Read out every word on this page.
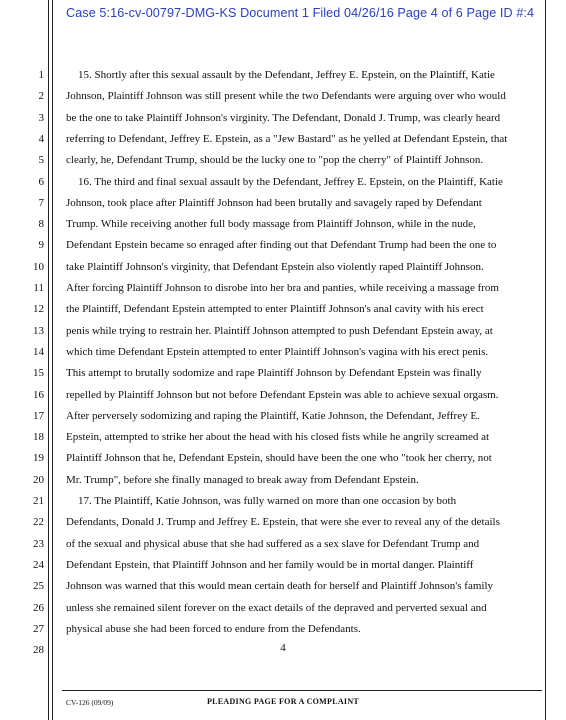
Case 5:16-cv-00797-DMG-KS Document 1 Filed 04/26/16 Page 4 of 6 Page ID #:4
1
2
3
4
5
6
7
8
9
10
11
12
13
14
15
16
17
18
19
20
21
22
23
24
25
26
27
28
15. Shortly after this sexual assault by the Defendant, Jeffrey E. Epstein, on the Plaintiff, Katie
Johnson, Plaintiff Johnson was still present while the two Defendants were arguing over who would
be the one to take Plaintiff Johnson's virginity. The Defendant, Donald J. Trump, was clearly heard
referring to Defendant, Jeffrey E. Epstein, as a "Jew Bastard" as he yelled at Defendant Epstein, that
clearly, he, Defendant Trump, should be the lucky one to "pop the cherry" of Plaintiff Johnson.
16. The third and final sexual assault by the Defendant, Jeffrey E. Epstein, on the Plaintiff, Katie
Johnson, took place after Plaintiff Johnson had been brutally and savagely raped by Defendant
Trump. While receiving another full body massage from Plaintiff Johnson, while in the nude,
Defendant Epstein became so enraged after finding out that Defendant Trump had been the one to
take Plaintiff Johnson's virginity, that Defendant Epstein also violently raped Plaintiff Johnson.
After forcing Plaintiff Johnson to disrobe into her bra and panties, while receiving a massage from
the Plaintiff, Defendant Epstein attempted to enter Plaintiff Johnson's anal cavity with his erect
penis while trying to restrain her. Plaintiff Johnson attempted to push Defendant Epstein away, at
which time Defendant Epstein attempted to enter Plaintiff Johnson's vagina with his erect penis.
This attempt to brutally sodomize and rape Plaintiff Johnson by Defendant Epstein was finally
repelled by Plaintiff Johnson but not before Defendant Epstein was able to achieve sexual orgasm.
After perversely sodomizing and raping the Plaintiff, Katie Johnson, the Defendant, Jeffrey E.
Epstein, attempted to strike her about the head with his closed fists while he angrily screamed at
Plaintiff Johnson that he, Defendant Epstein, should have been the one who "took her cherry, not
Mr. Trump", before she finally managed to break away from Defendant Epstein.
17. The Plaintiff, Katie Johnson, was fully warned on more than one occasion by both
Defendants, Donald J. Trump and Jeffrey E. Epstein, that were she ever to reveal any of the details
of the sexual and physical abuse that she had suffered as a sex slave for Defendant Trump and
Defendant Epstein, that Plaintiff Johnson and her family would be in mortal danger. Plaintiff
Johnson was warned that this would mean certain death for herself and Plaintiff Johnson's family
unless she remained silent forever on the exact details of the depraved and perverted sexual and
physical abuse she had been forced to endure from the Defendants.
4
CV-126 (09/09)	PLEADING PAGE FOR A COMPLAINT
